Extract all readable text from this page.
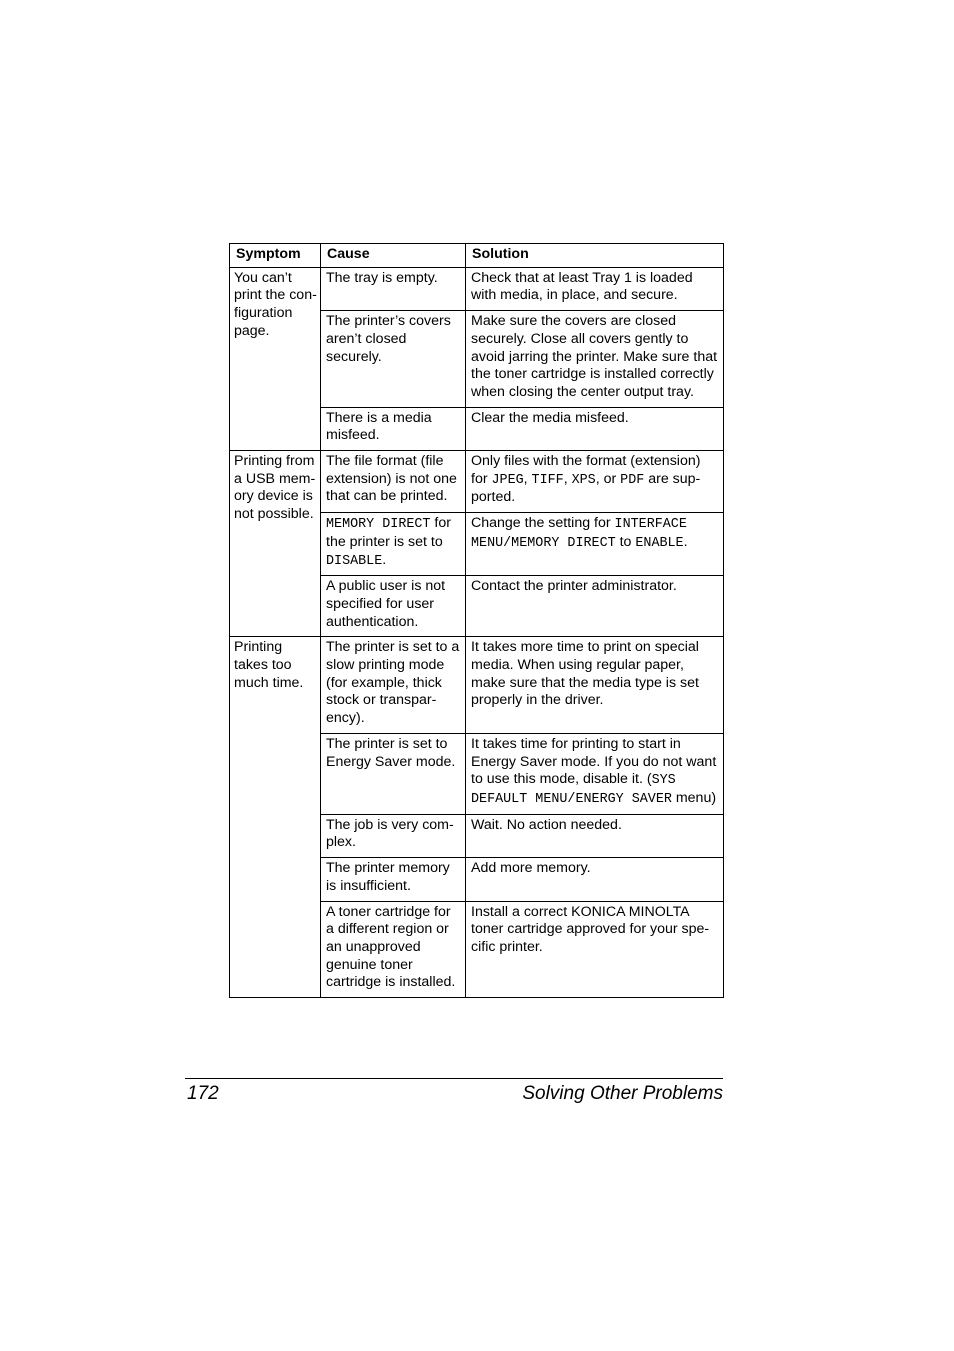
Symptom	Cause	Solution
You can’t print the con-figuration page.	The tray is empty.	Check that at least Tray 1 is loaded with media, in place, and secure.
	The printer’s covers aren’t closed securely.	Make sure the covers are closed securely. Close all covers gently to avoid jarring the printer. Make sure that the toner cartridge is installed correctly when closing the center output tray.
	There is a media misfeed.	Clear the media misfeed.
Printing from a USB mem-ory device is not possible.	The file format (file extension) is not one that can be printed.	Only files with the format (extension) for JPEG, TIFF, XPS, or PDF are sup-ported.
	MEMORY DIRECT for the printer is set to DISABLE.	Change the setting for INTERFACE MENU/MEMORY DIRECT to ENABLE.
	A public user is not specified for user authentication.	Contact the printer administrator.
Printing takes too much time.	The printer is set to a slow printing mode (for example, thick stock or transpar-ency).	It takes more time to print on special media. When using regular paper, make sure that the media type is set properly in the driver.
	The printer is set to Energy Saver mode.	It takes time for printing to start in Energy Saver mode. If you do not want to use this mode, disable it. (SYS DEFAULT MENU/ENERGY SAVER menu)
	The job is very com-plex.	Wait. No action needed.
	The printer memory is insufficient.	Add more memory.
	A toner cartridge for a different region or an unapproved genuine toner cartridge is installed.	Install a correct KONICA MINOLTA toner cartridge approved for your spe-cific printer.
172	Solving Other Problems
